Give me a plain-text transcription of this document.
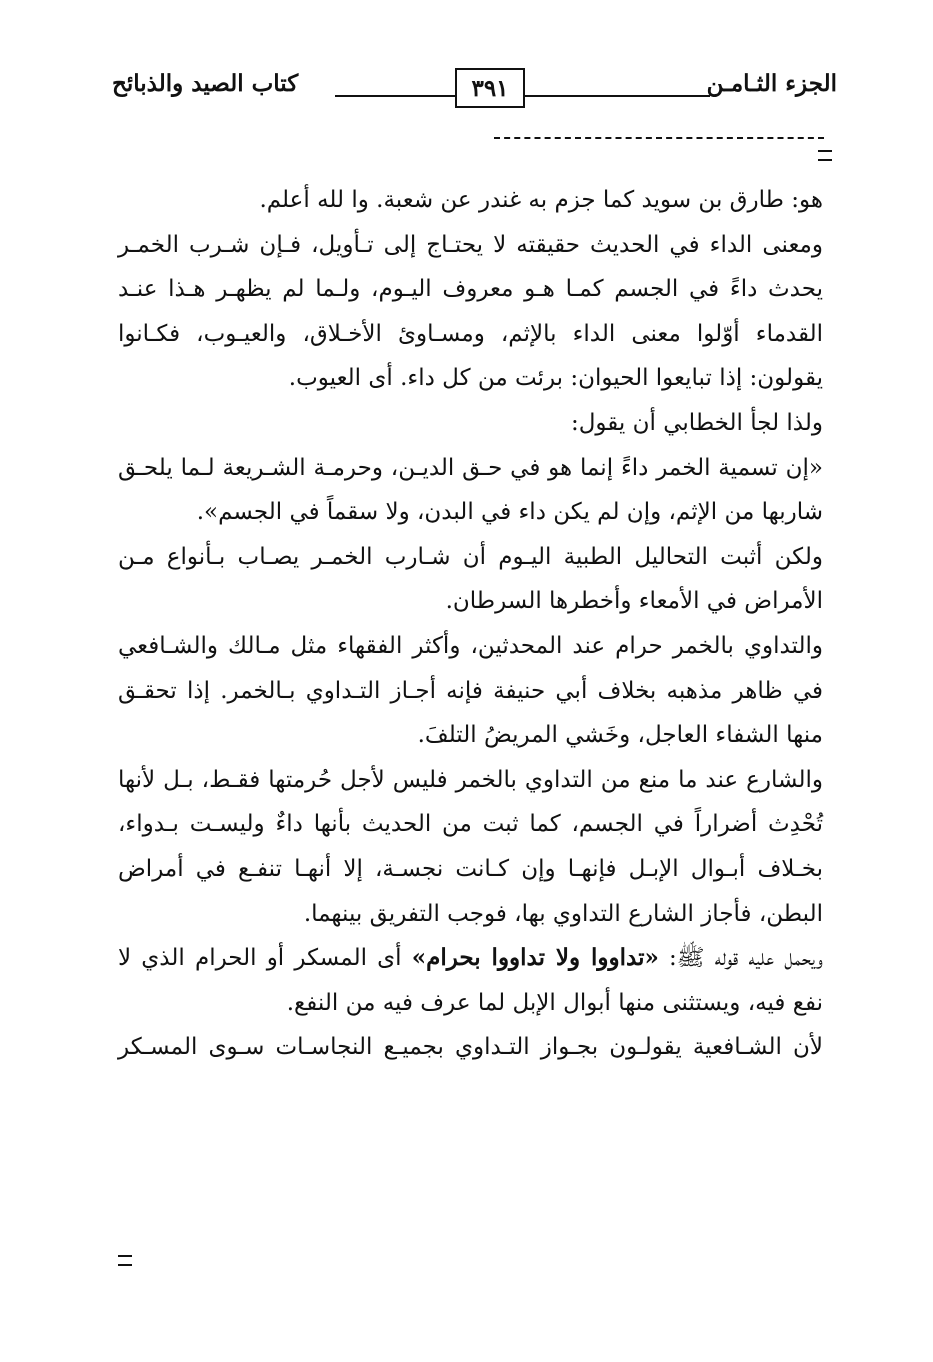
كتاب الصيد والذبائح	٣٩١	الجزء الثـامـن

هو: طارق بن سويد كما جزم به غندر عن شعبة. وا لله أعلم.

ومعنى الداء في الحديث حقيقته لا يحتـاج إلى تـأويل، فـإن شـرب الخمـر يحدث داءً في الجسم كمـا هـو معروف اليـوم، ولـما لم يظهـر هـذا عنـد القدماء أوّلوا معنى الداء بالإثم، ومسـاوئ الأخـلاق، والعيـوب، فكـانوا يقولون: إذا تبايعوا الحيوان: برئت من كل داء. أى العيوب.

ولذا لجأ الخطابي أن يقول:

«إن تسمية الخمر داءً إنما هو في حـق الديـن، وحرمـة الشـريعة لـما يلحـق شاربها من الإثم، وإن لم يكن داء في البدن، ولا سقماً في الجسم».

ولكن أثبت التحاليل الطبية اليـوم أن شـارب الخمـر يصـاب بـأنواع مـن الأمراض في الأمعاء وأخطرها السرطان.

والتداوي بالخمر حرام عند المحدثين، وأكثر الفقهاء مثل مـالك والشـافعي في ظاهر مذهبه بخلاف أبي حنيفة فإنه أجـاز التـداوي بـالخمر. إذا تحقـق منها الشفاء العاجل، وخَشي المريضُ التلفَ.

والشارع عند ما منع من التداوي بالخمر فليس لأجل حُرمتها فقـط، بـل لأنها تُحْدِث أضراراً في الجسم، كما ثبت من الحديث بأنها داءٌ وليسـت بـدواء، بخـلاف أبـوال الإبـل فإنهـا وإن كـانت نجسـة، إلا أنهـا تنفـع في أمراض البطن، فأجاز الشارع التداوي بها، فوجب التفريق بينهما.

ويحمل عليه قوله ﷺ: «تداووا ولا تداووا بحرام» أى المسكر أو الحرام الذي لا نفع فيه، ويستثنى منها أبوال الإبل لما عرف فيه من النفع.

لأن الشـافعية يقولـون بجـواز التـداوي بجميـع النجاسـات سـوى المسـكر
